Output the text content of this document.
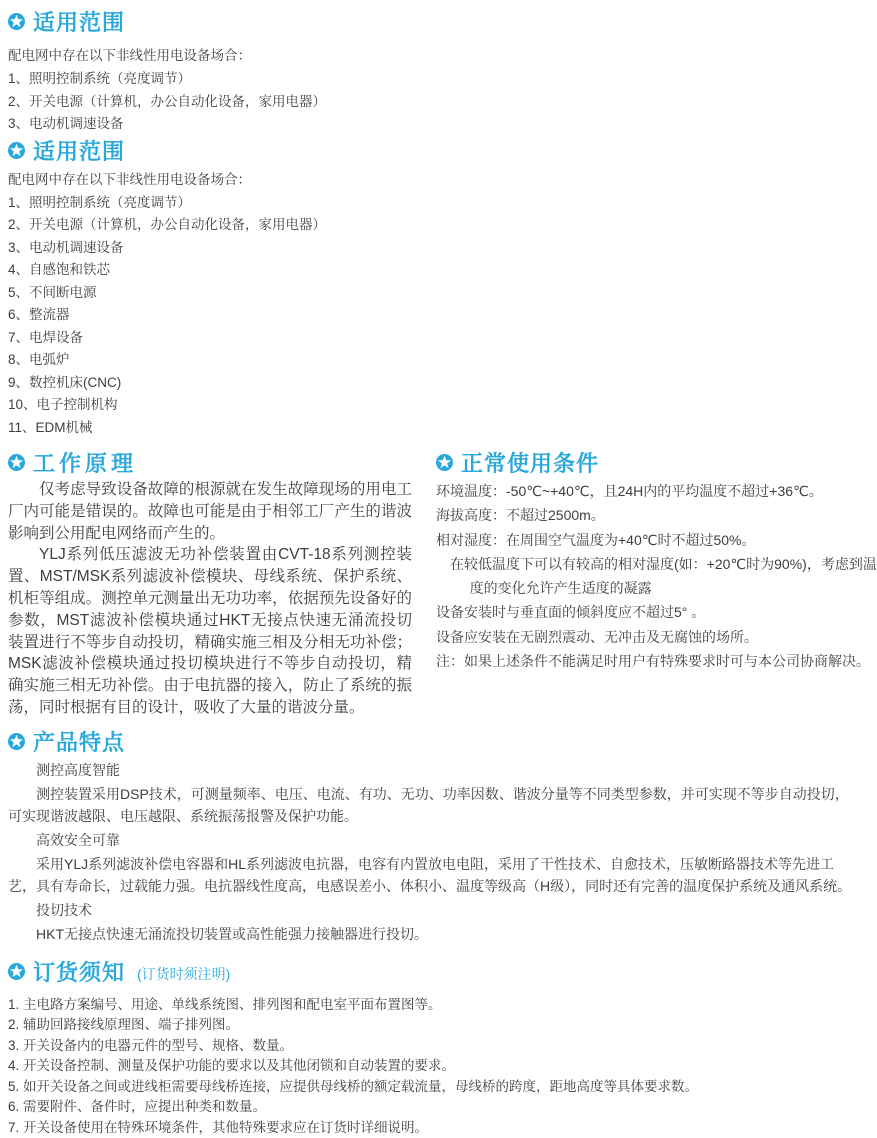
适用范围

配电网中存在以下非线性用电设备场合：

1、照明控制系统（亮度调节）
2、开关电源（计算机，办公自动化设备，家用电器）
3、电动机调速设备
适用范围

配电网中存在以下非线性用电设备场合：

1、照明控制系统（亮度调节）
2、开关电源（计算机，办公自动化设备，家用电器）
3、电动机调速设备
4、自感饱和铁芯
5、不间断电源
6、整流器
7、电焊设备
8、电弧炉
9、数控机床(CNC)
10、电子控制机构
11、EDM机械
工作原理

仅考虑导致设备故障的根源就在发生故障现场的用电工厂内可能是错误的。故障也可能是由于相邻工厂产生的谐波影响到公用配电网络而产生的。

YLJ系列低压滤波无功补偿装置由CVT-18系列测控装置、MST/MSK系列滤波补偿模块、母线系统、保护系统、机柜等组成。测控单元测量出无功功率，依据预先设备好的参数，MST滤波补偿模块通过HKT无接点快速无涌流投切装置进行不等步自动投切，精确实施三相及分相无功补偿；MSK滤波补偿模块通过投切模块进行不等步自动投切，精确实施三相无功补偿。由于电抗器的接入，防止了系统的振荡，同时根据有目的设计，吸收了大量的谐波分量。

正常使用条件
环境温度：-50℃~+40℃，且24H内的平均温度不超过+36℃。
海拔高度：不超过2500m。
相对湿度：在周围空气温度为+40℃时不超过50%。
在较低温度下可以有较高的相对湿度(如：+20℃时为90%)，考虑到温
度的变化允许产生适度的凝露
设备安装时与垂直面的倾斜度应不超过5° 。
设备应安装在无剧烈震动、无冲击及无腐蚀的场所。
注：如果上述条件不能满足时用户有特殊要求时可与本公司协商解决。
产品特点

测控高度智能

测控装置采用DSP技术，可测量频率、电压、电流、有功、无功、功率因数、谐波分量等不同类型参数，并可实现不等步自动投切，可实现谐波越限、电压越限、系统振荡报警及保护功能。

高效安全可靠

采用YLJ系列滤波补偿电容器和HL系列滤波电抗器，电容有内置放电电阻，采用了干性技术、自愈技术，压敏断路器技术等先进工艺，具有寿命长，过载能力强。电抗器线性度高，电感误差小、体积小、温度等级高（H级），同时还有完善的温度保护系统及通风系统。

投切技术

HKT无接点快速无涌流投切装置或高性能强力接触器进行投切。

订货须知 (订货时须注明)
1. 主电路方案编号、用途、单线系统图、排列图和配电室平面布置图等。
2. 辅助回路接线原理图、端子排列图。
3. 开关设备内的电器元件的型号、规格、数量。
4. 开关设备控制、测量及保护功能的要求以及其他闭锁和自动装置的要求。
5. 如开关设备之间或进线柜需要母线桥连接，应提供母线桥的额定载流量，母线桥的跨度，距地高度等具体要求数。
6. 需要附件、备件时，应提出种类和数量。
7. 开关设备使用在特殊环境条件，其他特殊要求应在订货时详细说明。
